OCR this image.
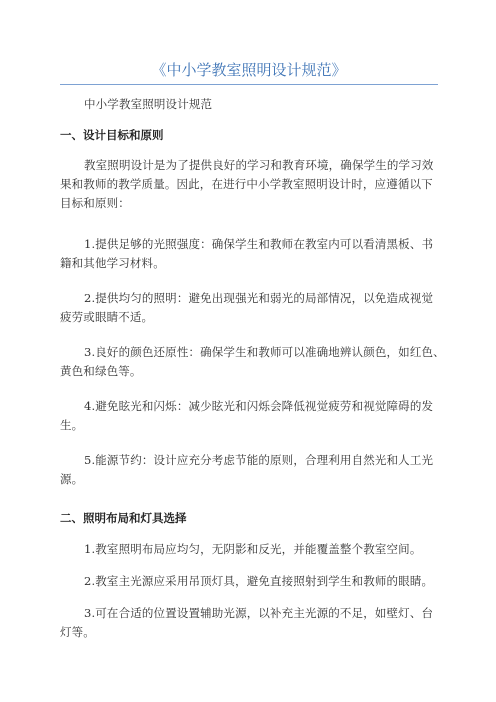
《中小学教室照明设计规范》

中小学教室照明设计规范

一、设计目标和原则

教室照明设计是为了提供良好的学习和教育环境，确保学生的学习效
果和教师的教学质量。因此，在进行中小学教室照明设计时，应遵循以下
目标和原则：

1.提供足够的光照强度：确保学生和教师在教室内可以看清黑板、书
籍和其他学习材料。

2.提供均匀的照明：避免出现强光和弱光的局部情况，以免造成视觉
疲劳或眼睛不适。

3.良好的颜色还原性：确保学生和教师可以准确地辨认颜色，如红色、
黄色和绿色等。

4.避免眩光和闪烁：减少眩光和闪烁会降低视觉疲劳和视觉障碍的发
生。

5.能源节约：设计应充分考虑节能的原则，合理利用自然光和人工光
源。

二、照明布局和灯具选择

1.教室照明布局应均匀，无阴影和反光，并能覆盖整个教室空间。

2.教室主光源应采用吊顶灯具，避免直接照射到学生和教师的眼睛。

3.可在合适的位置设置辅助光源，以补充主光源的不足，如壁灯、台
灯等。
